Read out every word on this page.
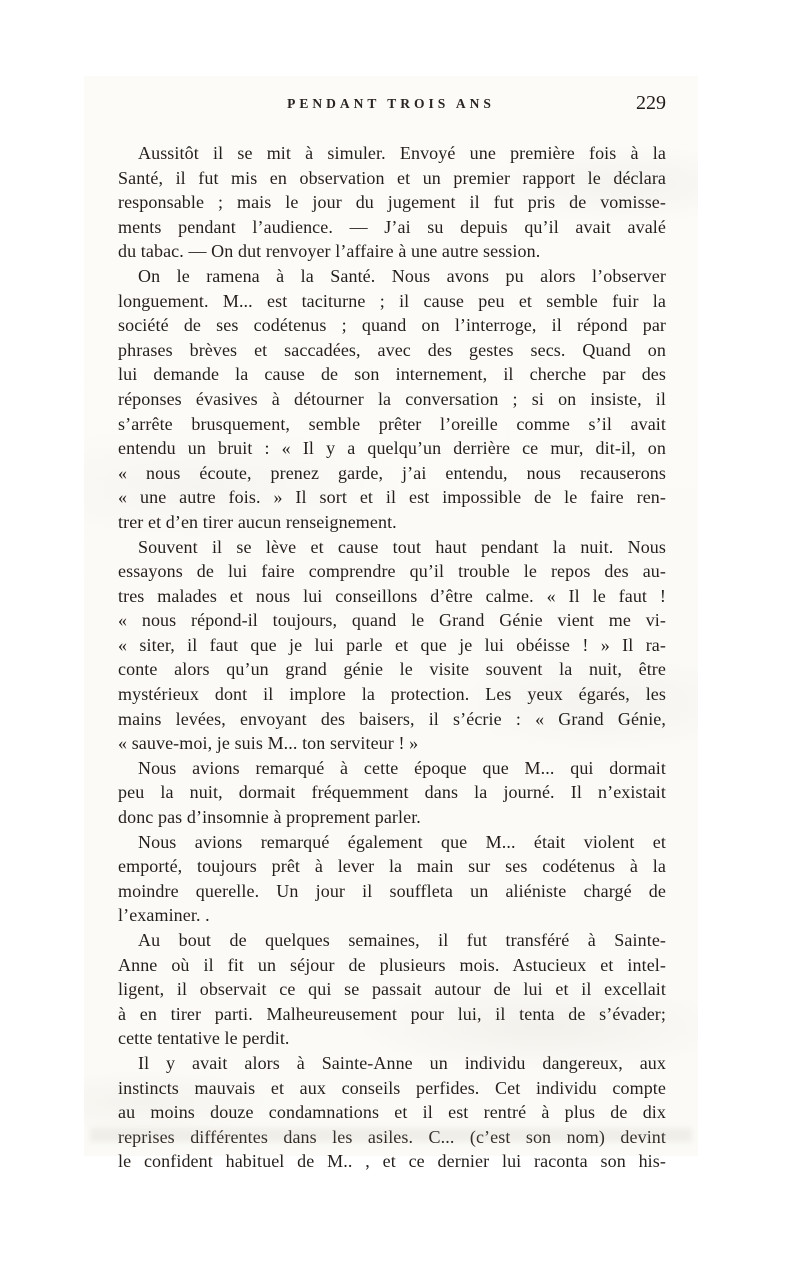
PENDANT TROIS ANS	229
Aussitôt il se mit à simuler. Envoyé une première fois à la
Santé, il fut mis en observation et un premier rapport le déclara
responsable ; mais le jour du jugement il fut pris de vomisse-
ments pendant l’audience. — J’ai su depuis qu’il avait avalé
du tabac. — On dut renvoyer l’affaire à une autre session.
On le ramena à la Santé. Nous avons pu alors l’observer
longuement. M... est taciturne ; il cause peu et semble fuir la
société de ses codétenus ; quand on l’interroge, il répond par
phrases brèves et saccadées, avec des gestes secs. Quand on
lui demande la cause de son internement, il cherche par des
réponses évasives à détourner la conversation ; si on insiste, il
s’arrête brusquement, semble prêter l’oreille comme s’il avait
entendu un bruit : « Il y a quelqu’un derrière ce mur, dit-il, on
« nous écoute, prenez garde, j’ai entendu, nous recauserons
« une autre fois. » Il sort et il est impossible de le faire ren-
trer et d’en tirer aucun renseignement.
Souvent il se lève et cause tout haut pendant la nuit. Nous
essayons de lui faire comprendre qu’il trouble le repos des au-
tres malades et nous lui conseillons d’être calme. « Il le faut !
« nous répond-il toujours, quand le Grand Génie vient me vi-
« siter, il faut que je lui parle et que je lui obéisse ! » Il ra-
conte alors qu’un grand génie le visite souvent la nuit, être
mystérieux dont il implore la protection. Les yeux égarés, les
mains levées, envoyant des baisers, il s’écrie : « Grand Génie,
« sauve-moi, je suis M... ton serviteur ! »
Nous avions remarqué à cette époque que M... qui dormait
peu la nuit, dormait fréquemment dans la journé. Il n’existait
donc pas d’insomnie à proprement parler.
Nous avions remarqué également que M... était violent et
emporté, toujours prêt à lever la main sur ses codétenus à la
moindre querelle. Un jour il souffleta un aliéniste chargé de
l’examiner. .
Au bout de quelques semaines, il fut transféré à Sainte-
Anne où il fit un séjour de plusieurs mois. Astucieux et intel-
ligent, il observait ce qui se passait autour de lui et il excellait
à en tirer parti. Malheureusement pour lui, il tenta de s’évader;
cette tentative le perdit.
Il y avait alors à Sainte-Anne un individu dangereux, aux
instincts mauvais et aux conseils perfides. Cet individu compte
au moins douze condamnations et il est rentré à plus de dix
reprises différentes dans les asiles. C... (c’est son nom) devint
le confident habituel de M.. , et ce dernier lui raconta son his-
